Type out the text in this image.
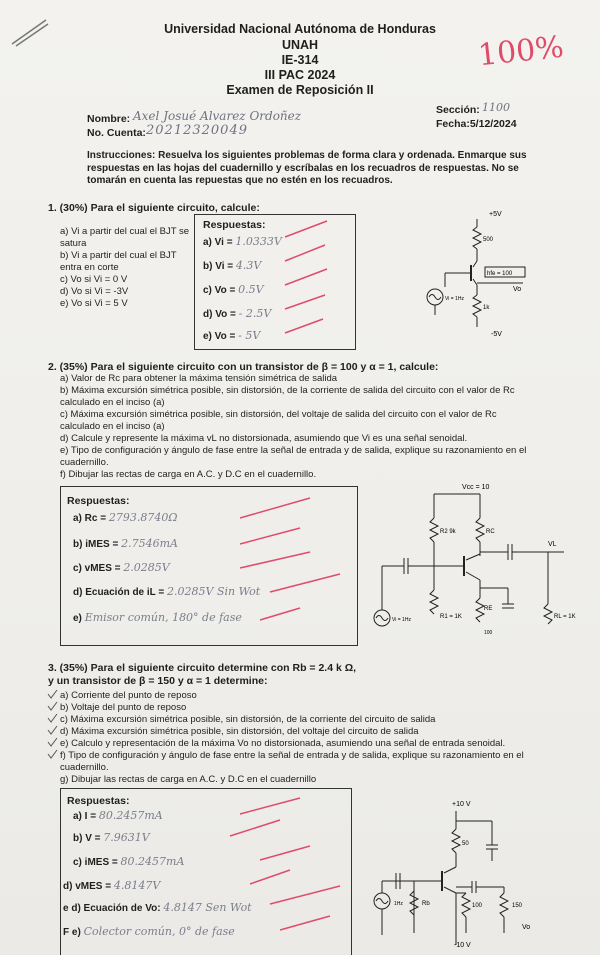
Universidad Nacional Autónoma de Honduras
UNAH
IE-314
III PAC 2024
Examen de Reposición II
100%
Nombre: Axel Josué Alvarez Ordoñez
No. Cuenta: 20212320049
Sección: 1100
Fecha:5/12/2024
Instrucciones: Resuelva los siguientes problemas de forma clara y ordenada. Enmarque sus respuestas en las hojas del cuadernillo y escríbalas en los recuadros de respuestas. No se tomarán en cuenta las repuestas que no estén en los recuadros.
1. (30%) Para el siguiente circuito, calcule:
a) Vi a partir del cual el BJT se satura
b) Vi a partir del cual el BJT entra en corte
c) Vo si Vi = 0 V
d) Vo si Vi = -3V
e) Vo si Vi = 5 V
Respuestas:
a) Vi = 1.0333V
b) Vi = 4.3V
c) Vo = 0.5V
d) Vo = - 2.5V
e) Vo = - 5V
+5V
500
hfe = 100
Vo
Vi = 1Hz
1k
-5V
2. (35%) Para el siguiente circuito con un transistor de β = 100 y α = 1, calcule:
a) Valor de Rc para obtener la máxima tensión simétrica de salida
b) Máxima excursión simétrica posible, sin distorsión, de la corriente de salida del circuito con el valor de Rc calculado en el inciso (a)
c) Máxima excursión simétrica posible, sin distorsión, del voltaje de salida del circuito con el valor de Rc calculado en el inciso (a)
d) Calcule y represente la máxima vL no distorsionada, asumiendo que Vi es una señal senoidal.
e) Tipo de configuración y ángulo de fase entre la señal de entrada y de salida, explique su razonamiento en el cuadernillo.
f) Dibujar las rectas de carga en A.C. y D.C en el cuadernillo.
Respuestas:
a) Rc = 2793.8740Ω
b) iMES = 2.7546mA
c) vMES = 2.0285V
d) Ecuación de iL = 2.0285V Sin Wot
e) Emisor común, 180° de fase
Vcc = 10
R2 9k	RC
VL
Vi = 1Hz	R1 = 1K
RE
100
RL = 1K
3. (35%) Para el siguiente circuito determine con Rb = 2.4 k Ω, y un transistor de β = 150 y α = 1 determine:
a) Corriente del punto de reposo
b) Voltaje del punto de reposo
c) Máxima excursión simétrica posible, sin distorsión, de la corriente del circuito de salida
d) Máxima excursión simétrica posible, sin distorsión, del voltaje del circuito de salida
e) Calculo y representación de la máxima Vo no distorsionada, asumiendo una señal de entrada senoidal.
f) Tipo de configuración y ángulo de fase entre la señal de entrada y de salida, explique su razonamiento en el cuadernillo.
g) Dibujar las rectas de carga en A.C. y D.C en el cuadernillo
Respuestas:
a) I = 80.2457mA
b) V = 7.9631V
c) iMES = 80.2457mA
d) vMES = 4.8147V
e d) Ecuación de Vo: 4.8147 Sen Wot
F e) Colector común, 0° de fase
+10 V
50
1Hz	Rb	100	150
Vo
-10 V
